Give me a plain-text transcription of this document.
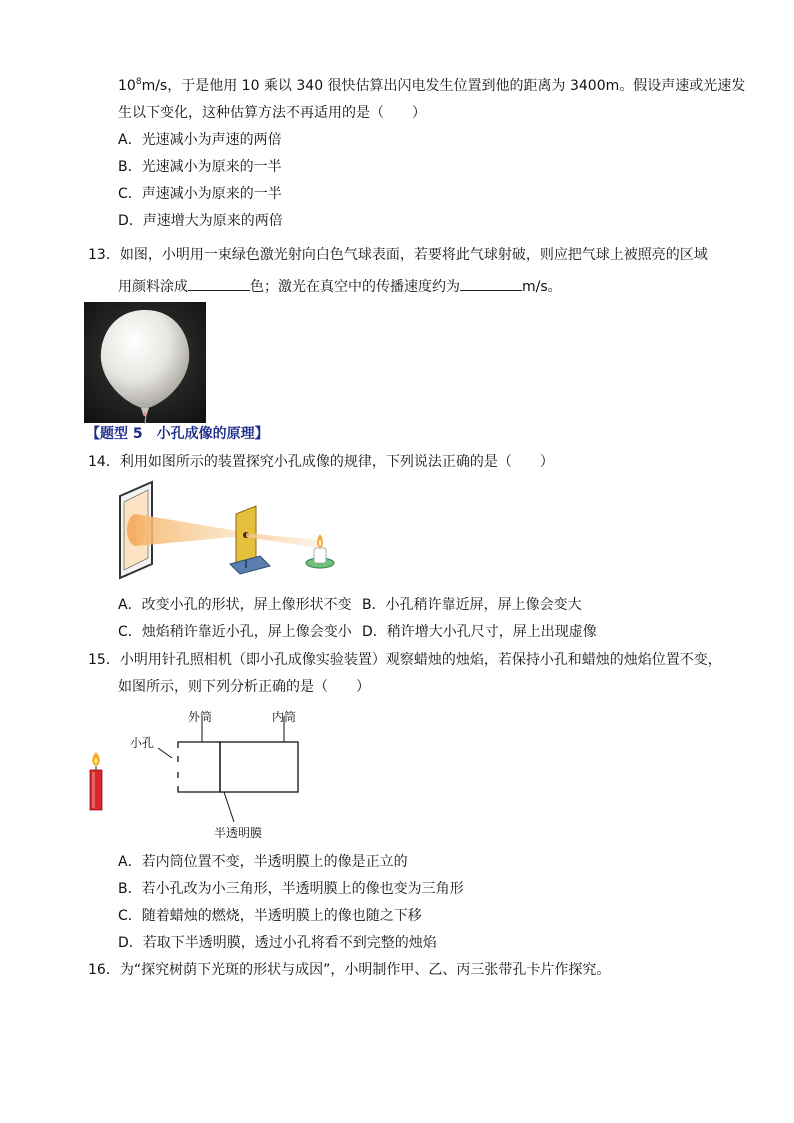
$10^8m/s$，于是他用 10 乘以 340 很快估算出闪电发生位置到他的距离为 3400m。假设声速或光速发
生以下变化，这种估算方法不再适用的是（　　）
A．光速减小为声速的两倍
B．光速减小为原来的一半
C．声速减小为原来的一半
D．声速增大为原来的两倍
13．如图，小明用一束绿色激光射向白色气球表面，若要将此气球射破，则应把气球上被照亮的区域
用颜料涂成	色；激光在真空中的传播速度约为	m/s。
【题型 5　小孔成像的原理】
14．利用如图所示的装置探究小孔成像的规律，下列说法正确的是（　　）
A．改变小孔的形状，屏上像形状不变 B．小孔稍许靠近屏，屏上像会变大
C．烛焰稍许靠近小孔，屏上像会变小 D．稍许增大小孔尺寸，屏上出现虚像
15．小明用针孔照相机（即小孔成像实验装置）观察蜡烛的烛焰，若保持小孔和蜡烛的烛焰位置不变，
如图所示，则下列分析正确的是（　　）
外筒	内筒
小孔
半透明膜
A．若内筒位置不变，半透明膜上的像是正立的
B．若小孔改为小三角形，半透明膜上的像也变为三角形
C．随着蜡烛的燃烧，半透明膜上的像也随之下移
D．若取下半透明膜，透过小孔将看不到完整的烛焰
16．为“探究树荫下光斑的形状与成因”，小明制作甲、乙、丙三张带孔卡片作探究。
